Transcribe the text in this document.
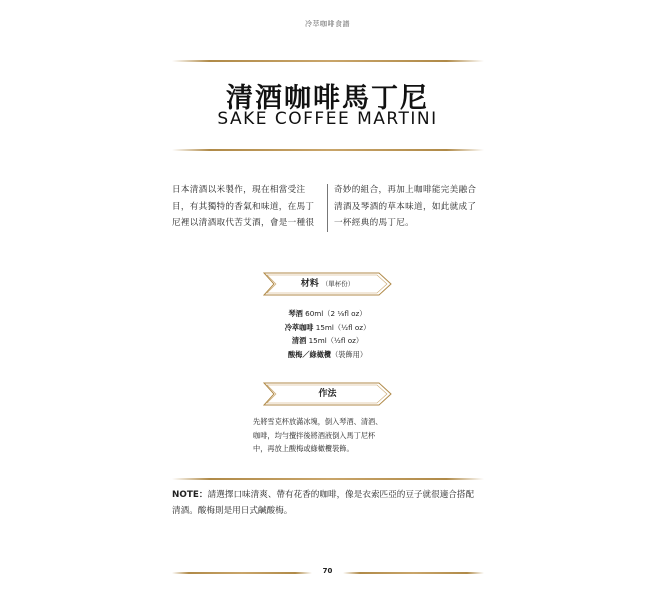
冷萃咖啡食譜
清酒咖啡馬丁尼
SAKE COFFEE MARTINI
日本清酒以米製作，現在相當受注
目，有其獨特的香氣和味道，在馬丁
尼裡以清酒取代苦艾酒，會是一種很
奇妙的組合，再加上咖啡能完美融合
清酒及琴酒的草本味道，如此就成了
一杯經典的馬丁尼。
材料 （單杯份）
琴酒 60ml（2 ⅛fl oz）
冷萃咖啡 15ml（½fl oz）
清酒 15ml（½fl oz）
酸梅／綠橄欖（裝飾用）
作法
先將雪克杯放滿冰塊，倒入琴酒、清酒、
咖啡，均勻攪拌後將酒液倒入馬丁尼杯
中，再放上酸梅或綠橄欖裝飾。
NOTE：請選擇口味清爽、帶有花香的咖啡，像是衣索匹亞的豆子就很適合搭配
清酒。酸梅則是用日式鹹酸梅。
70
